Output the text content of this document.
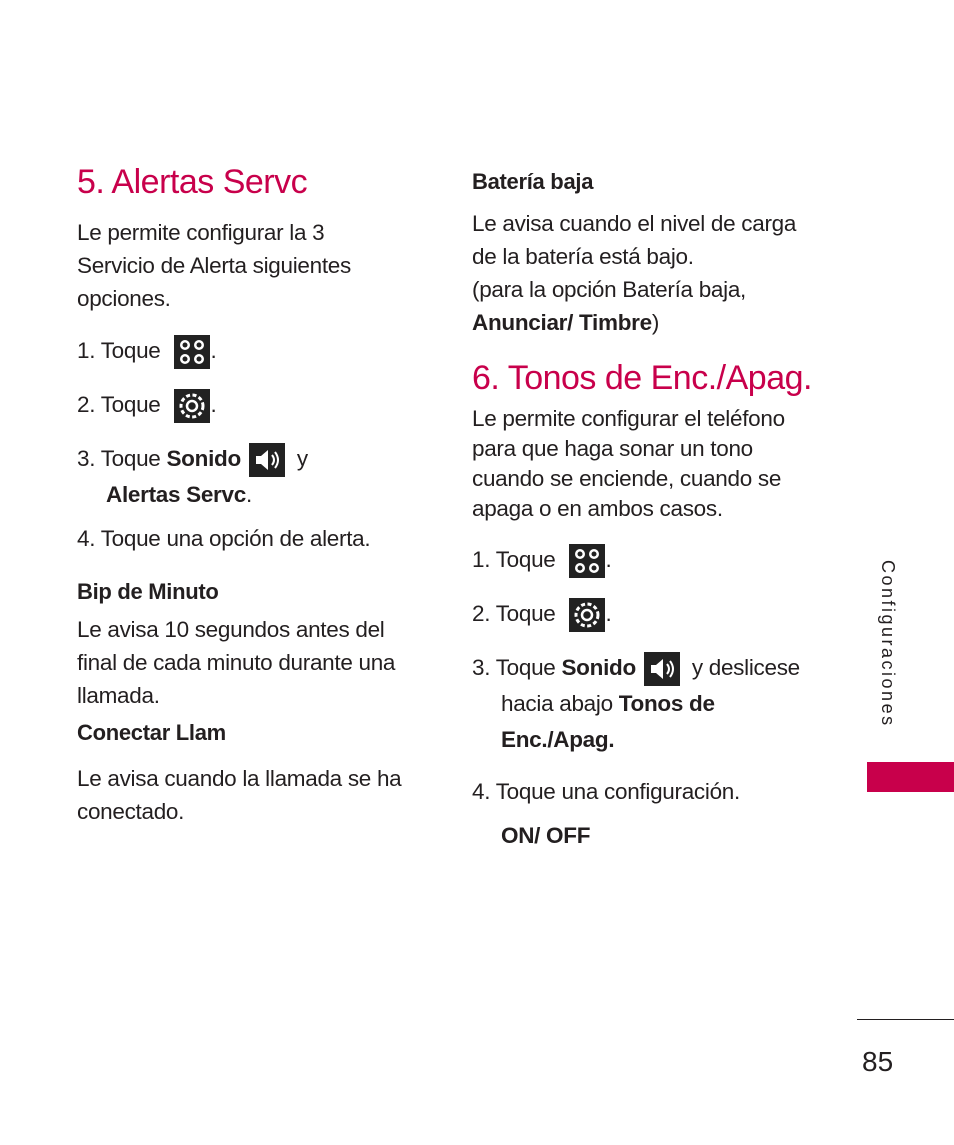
5. Alertas Servc

Le permite configurar la 3 Servicio de Alerta siguientes opciones.

1. Toque
.
2. Toque
.
3. Toque Sonido
y
Alertas Servc.
4. Toque una opción de alerta.
Bip de Minuto

Le avisa 10 segundos antes del final de cada minuto durante una llamada.

Conectar Llam

Le avisa cuando la llamada se ha conectado.

Batería baja

Le avisa cuando el nivel de carga de la batería está bajo.

(para la opción Batería baja,
Anunciar/ Timbre)

6. Tonos de Enc./Apag.

Le permite configurar el teléfono para que haga sonar un tono cuando se enciende, cuando se apaga o en ambos casos.

1. Toque
.
2. Toque
.
3. Toque Sonido
y deslicese
hacia abajo Tonos de
Enc./Apag.
4. Toque una configuración.
ON/ OFF
Configuraciones
85
